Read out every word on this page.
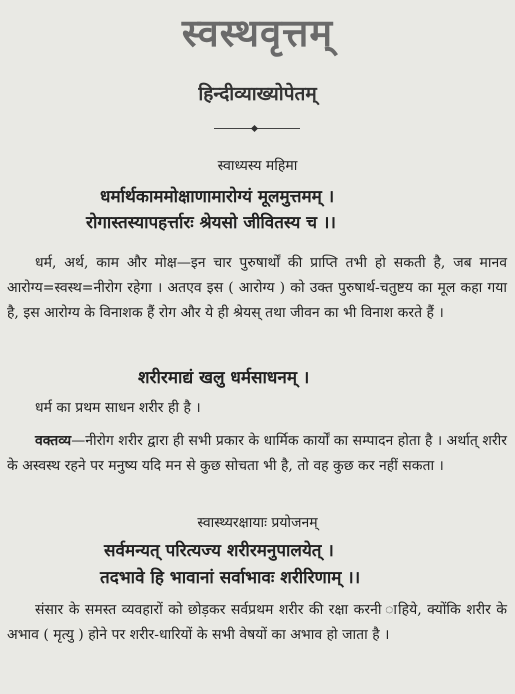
स्वस्थवृत्तम्
हिन्दीव्याख्योपेतम्
स्वाध्यस्य महिमा
धर्मार्थकाममोक्षाणामारोग्यं मूलमुत्तमम् ।
रोगास्तस्यापहर्त्तारः श्रेयसो जीवितस्य च ।।

धर्म, अर्थ, काम और मोक्ष—इन चार पुरुषार्थों की प्राप्ति तभी हो सकती है, जब मानव आरोग्य=स्वस्थ=नीरोग रहेगा । अतएव इस ( आरोग्य ) को उक्त पुरुषार्थ-चतुष्टय का मूल कहा गया है, इस आरोग्य के विनाशक हैं रोग और ये ही श्रेयस् तथा जीवन का भी विनाश करते हैं ।

शरीरमाद्यं खलु धर्मसाधनम् ।

धर्म का प्रथम साधन शरीर ही है ।

वक्तव्य—नीरोग शरीर द्वारा ही सभी प्रकार के धार्मिक कार्यों का सम्पादन होता है । अर्थात् शरीर के अस्वस्थ रहने पर मनुष्य यदि मन से कुछ सोचता भी है, तो वह कुछ कर नहीं सकता ।

स्वास्थ्यरक्षायाः प्रयोजनम्
सर्वमन्यत् परित्यज्य शरीरमनुपालयेत् ।
तदभावे हि भावानां सर्वाभावः शरीरिणाम् ।।

संसार के समस्त व्यवहारों को छोड़कर सर्वप्रथम शरीर की रक्षा करनी ाहिये, क्योंकि शरीर के अभाव ( मृत्यु ) होने पर शरीर-धारियों के सभी वेषयों का अभाव हो जाता है ।
